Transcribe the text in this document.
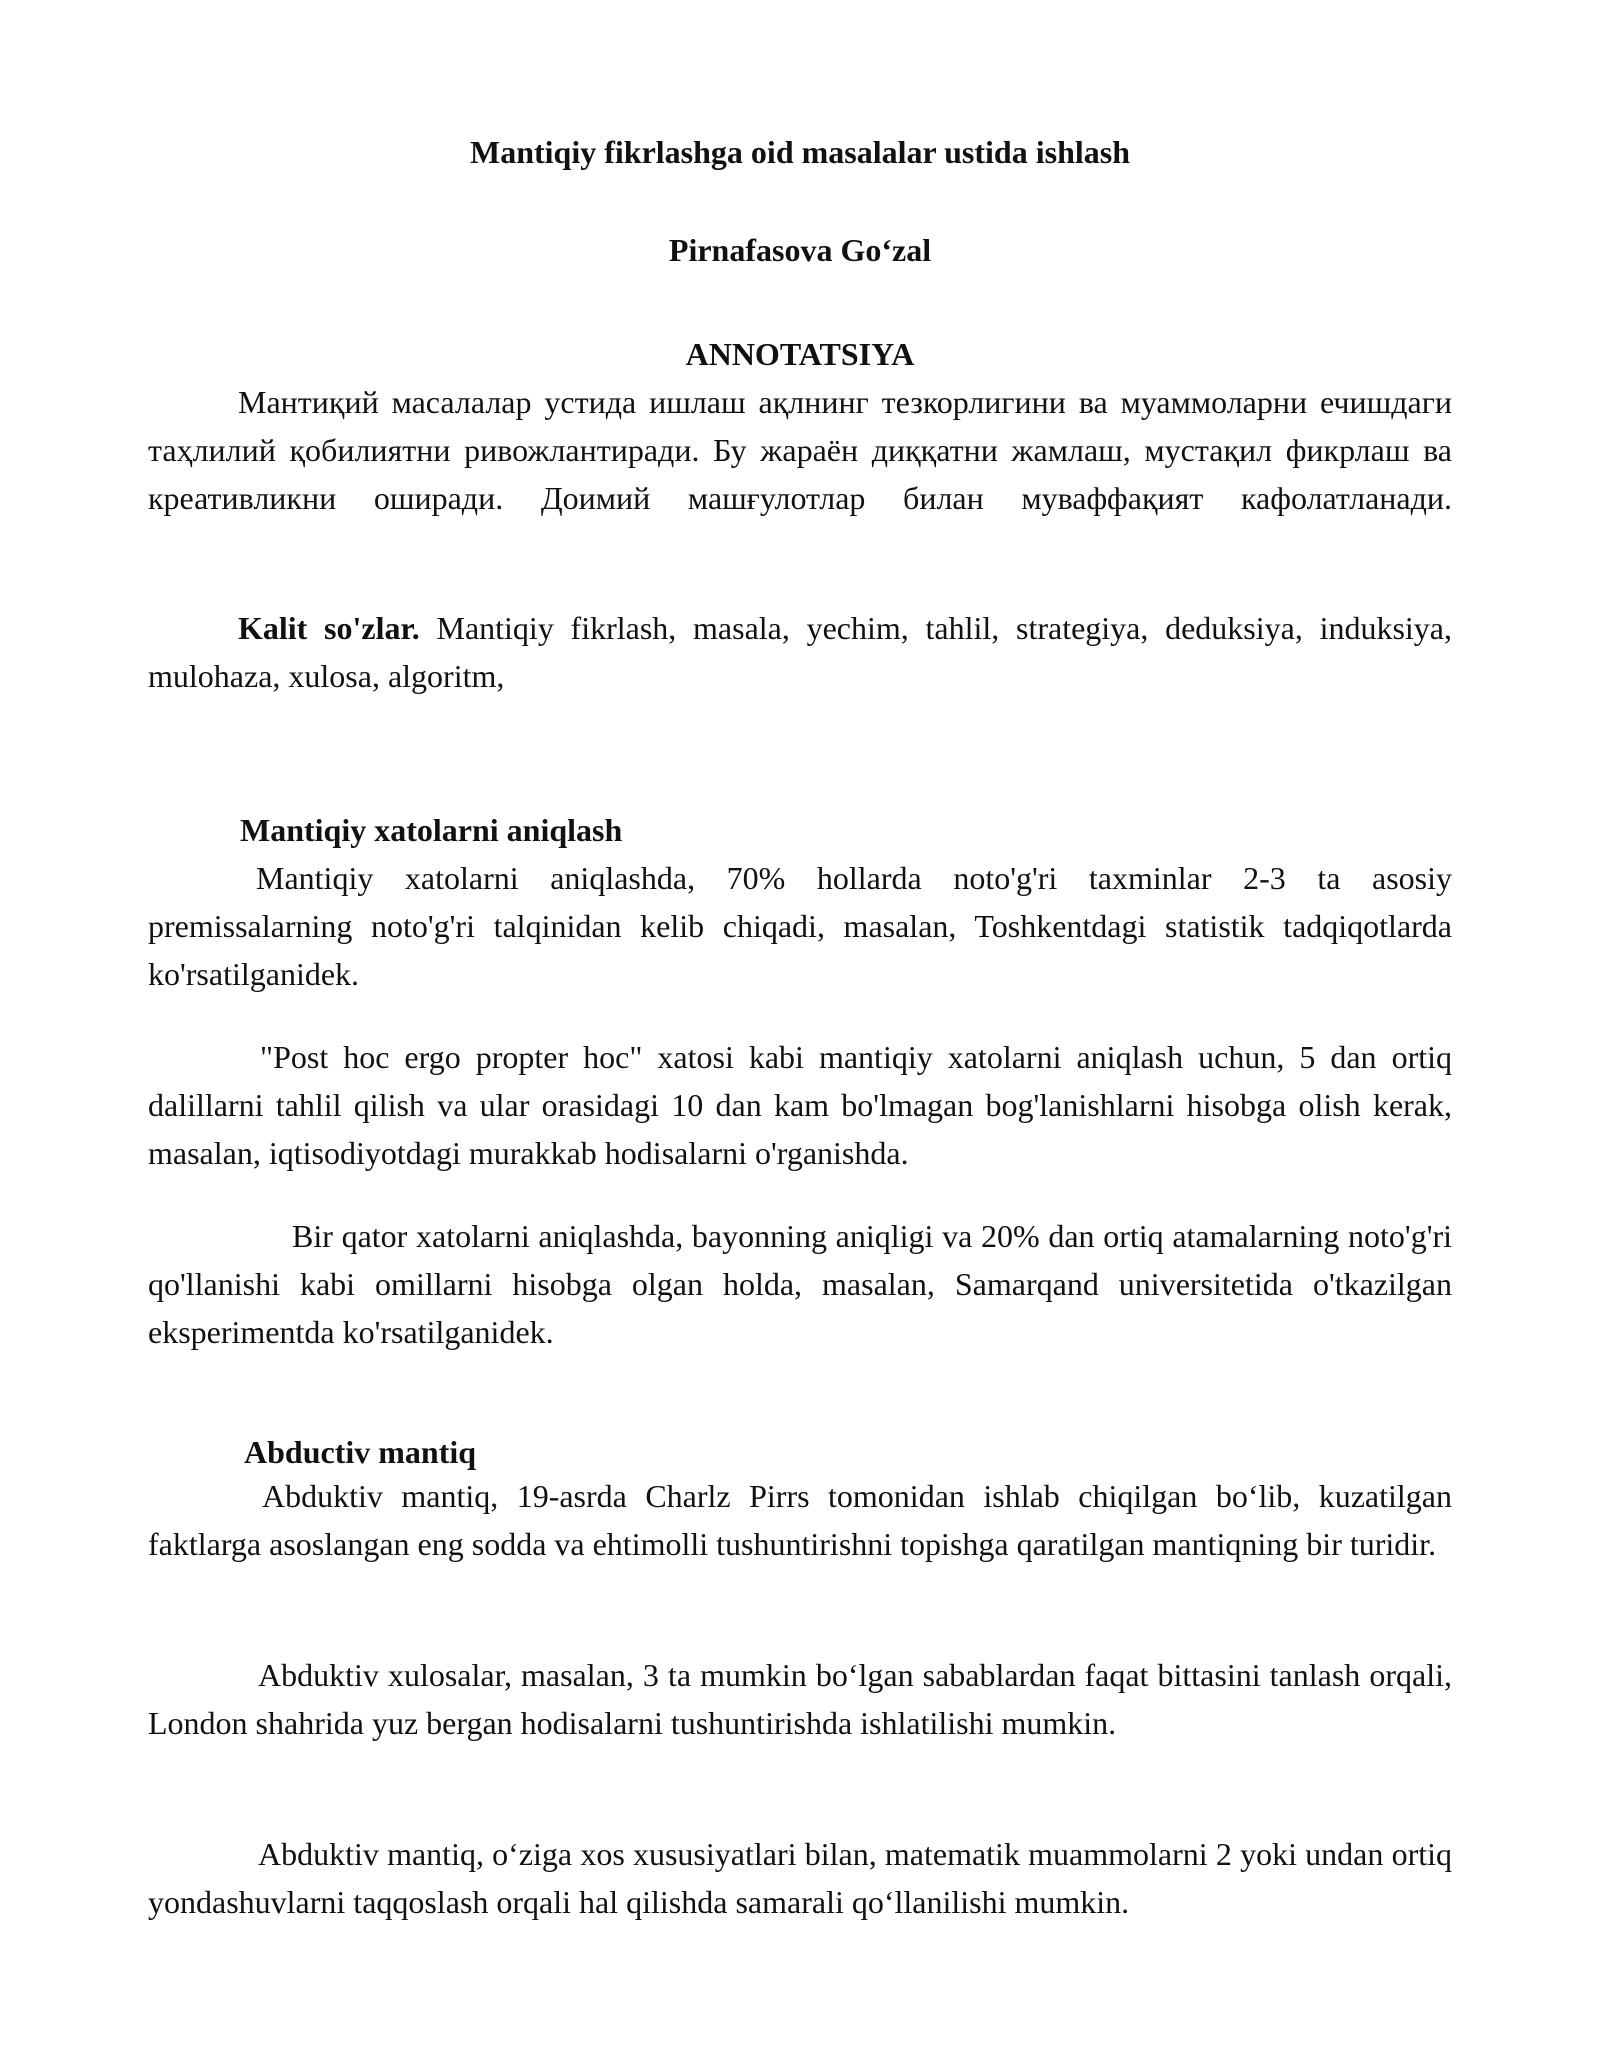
Mantiqiy fikrlashga oid masalalar ustida ishlash

Pirnafasova Go‘zal

ANNOTATSIYA

Мантиқий масалалар устида ишлаш ақлнинг тезкорлигини ва муаммоларни ечишдаги таҳлилий қобилиятни ривожлантиради. Бу жараён диққатни жамлаш, мустақил фикрлаш ва креативликни оширади. Доимий машғулотлар билан муваффақият кафолатланади.

Kalit so'zlar. Mantiqiy fikrlash, masala, yechim, tahlil, strategiya, deduksiya, induksiya, mulohaza, xulosa, algoritm,

Mantiqiy xatolarni aniqlash

Mantiqiy xatolarni aniqlashda, 70% hollarda noto'g'ri taxminlar 2-3 ta asosiy premissalarning noto'g'ri talqinidan kelib chiqadi, masalan, Toshkentdagi statistik tadqiqotlarda ko'rsatilganidek.

"Post hoc ergo propter hoc" xatosi kabi mantiqiy xatolarni aniqlash uchun, 5 dan ortiq dalillarni tahlil qilish va ular orasidagi 10 dan kam bo'lmagan bog'lanishlarni hisobga olish kerak, masalan, iqtisodiyotdagi murakkab hodisalarni o'rganishda.

Bir qator xatolarni aniqlashda, bayonning aniqligi va 20% dan ortiq atamalarning noto'g'ri qo'llanishi kabi omillarni hisobga olgan holda, masalan, Samarqand universitetida o'tkazilgan eksperimentda ko'rsatilganidek.

Abductiv mantiq

Abduktiv mantiq, 19-asrda Charlz Pirrs tomonidan ishlab chiqilgan bo‘lib, kuzatilgan faktlarga asoslangan eng sodda va ehtimolli tushuntirishni topishga qaratilgan mantiqning bir turidir.

Abduktiv xulosalar, masalan, 3 ta mumkin bo‘lgan sabablardan faqat bittasini tanlash orqali, London shahrida yuz bergan hodisalarni tushuntirishda ishlatilishi mumkin.

Abduktiv mantiq, o‘ziga xos xususiyatlari bilan, matematik muammolarni 2 yoki undan ortiq yondashuvlarni taqqoslash orqali hal qilishda samarali qo‘llanilishi mumkin.
